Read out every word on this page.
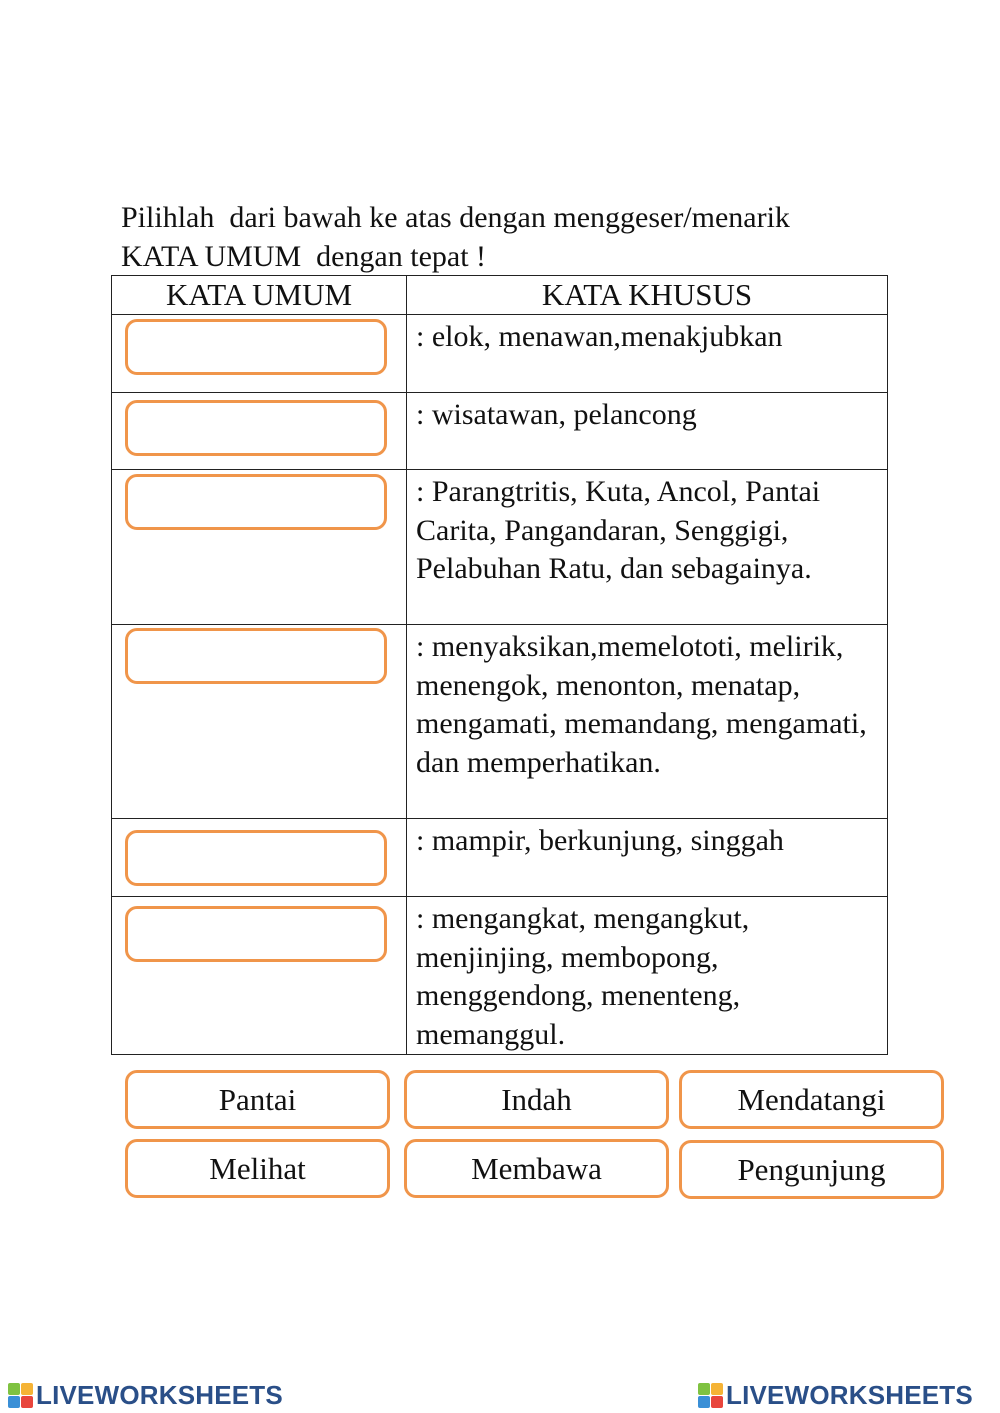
Pilihlah  dari bawah ke atas dengan menggeser/menarik
KATA UMUM  dengan tepat !
KATA UMUM	KATA KHUSUS

	: elok, menawan,menakjubkan

	: wisatawan, pelancong

	: Parangtritis, Kuta, Ancol, Pantai Carita, Pangandaran, Senggigi, Pelabuhan Ratu, dan sebagainya.

	: menyaksikan,memelototi, melirik, menengok, menonton, menatap, mengamati, memandang, mengamati, dan memperhatikan.

	: mampir, berkunjung, singgah

	: mengangkat, mengangkut, menjinjing, membopong, menggendong, menenteng, memanggul.
Pantai	Indah	Mendatangi
Melihat	Membawa	Pengunjung
LIVEWORKSHEETS	LIVEWORKSHEETS
